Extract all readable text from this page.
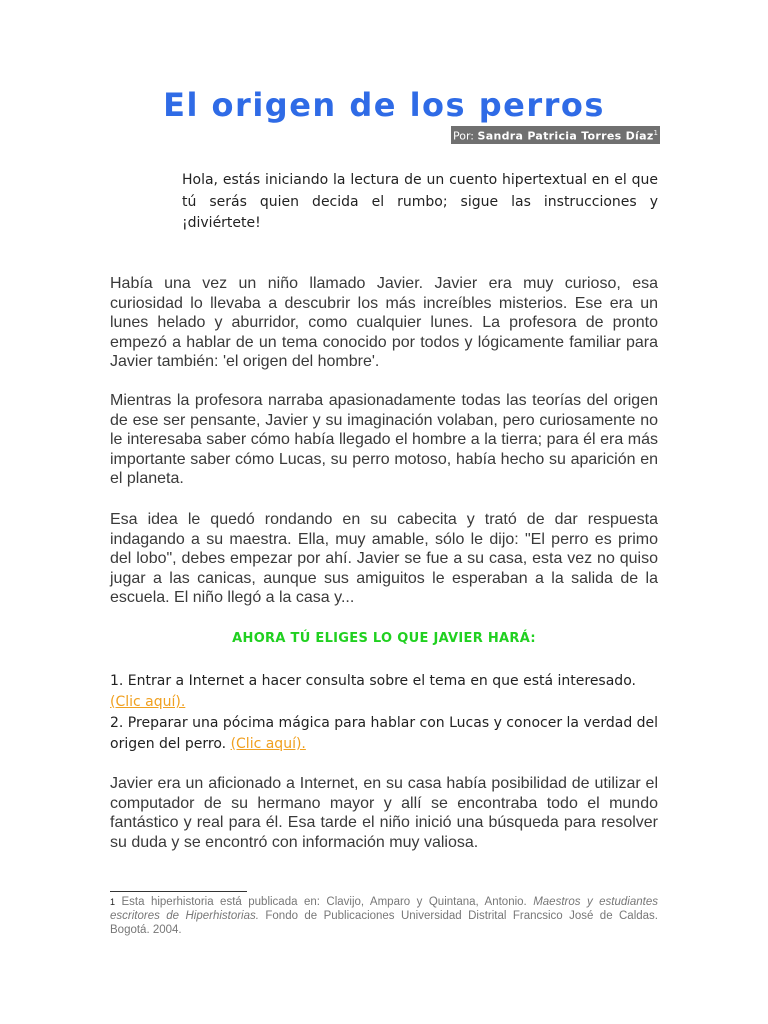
El origen de los perros
Por: Sandra Patricia Torres Díaz$^1$

Hola, estás iniciando la lectura de un cuento hipertextual en el que tú serás quien decida el rumbo; sigue las instrucciones y ¡diviértete!

Había una vez un niño llamado Javier. Javier era muy curioso, esa curiosidad lo llevaba a descubrir los más increíbles misterios. Ese era un lunes helado y aburridor, como cualquier lunes. La profesora de pronto empezó a hablar de un tema conocido por todos y lógicamente familiar para Javier también: 'el origen del hombre'.

Mientras la profesora narraba apasionadamente todas las teorías del origen de ese ser pensante, Javier y su imaginación volaban, pero curiosamente no le interesaba saber cómo había llegado el hombre a la tierra; para él era más importante saber cómo Lucas, su perro motoso, había hecho su aparición en el planeta.

Esa idea le quedó rondando en su cabecita y trató de dar respuesta indagando a su maestra. Ella, muy amable, sólo le dijo: "El perro es primo del lobo", debes empezar por ahí. Javier se fue a su casa, esta vez no quiso jugar a las canicas, aunque sus amiguitos le esperaban a la salida de la escuela. El niño llegó a la casa y...

AHORA TÚ ELIGES LO QUE JAVIER HARÁ:

1. Entrar a Internet a hacer consulta sobre el tema en que está interesado. (Clic aquí).

2. Preparar una pócima mágica para hablar con Lucas y conocer la verdad del origen del perro. (Clic aquí).

Javier era un aficionado a Internet, en su casa había posibilidad de utilizar el computador de su hermano mayor y allí se encontraba todo el mundo fantástico y real para él. Esa tarde el niño inició una búsqueda para resolver su duda y se encontró con información muy valiosa.

$^1$ Esta hiperhistoria está publicada en: Clavijo, Amparo y Quintana, Antonio. Maestros y estudiantes escritores de Hiperhistorias. Fondo de Publicaciones Universidad Distrital Francsico José de Caldas. Bogotá. 2004.
